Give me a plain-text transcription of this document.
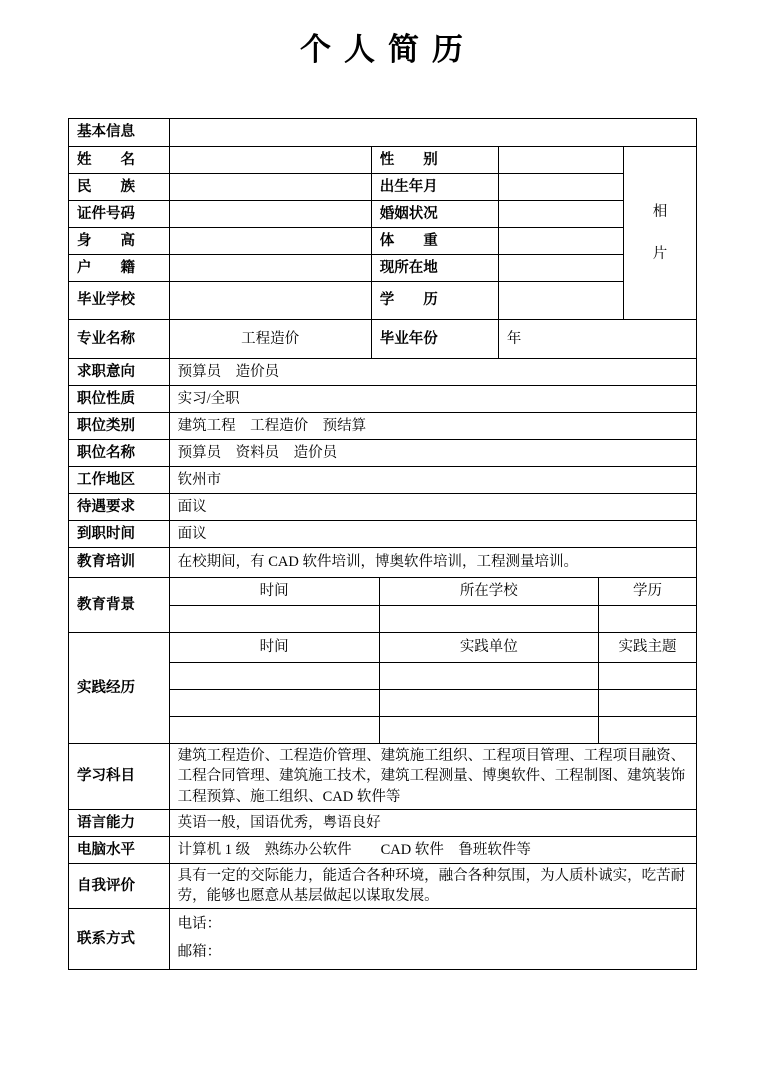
个人简历
基本信息	
姓　　名		性　　别		相片

民　　族		出生年月		
证件号码		婚姻状况		
身　　高		体　　重		
户　　籍		现所在地		
毕业学校		学　　历		
专业名称	工程造价	毕业年份	年
求职意向	预算员　造价员
职位性质	实习/全职
职位类别	建筑工程　工程造价　预结算
职位名称	预算员　资料员　造价员
工作地区	钦州市
待遇要求	面议
到职时间	面议
教育培训	在校期间，有 CAD 软件培训，博奥软件培训，工程测量培训。
教育背景	时间	所在学校	学历

实践经历	时间	实践单位	实践主题

学习科目	建筑工程造价、工程造价管理、建筑施工组织、工程项目管理、工程项目融资、工程合同管理、建筑施工技术，建筑工程测量、博奥软件、工程制图、建筑装饰工程预算、施工组织、CAD 软件等
语言能力	英语一般，国语优秀，粤语良好
电脑水平	计算机 1 级　熟练办公软件　　CAD 软件　鲁班软件等
自我评价	具有一定的交际能力，能适合各种环境，融合各种氛围，为人质朴诚实，吃苦耐劳，能够也愿意从基层做起以谋取发展。
联系方式	电话：
邮箱：
